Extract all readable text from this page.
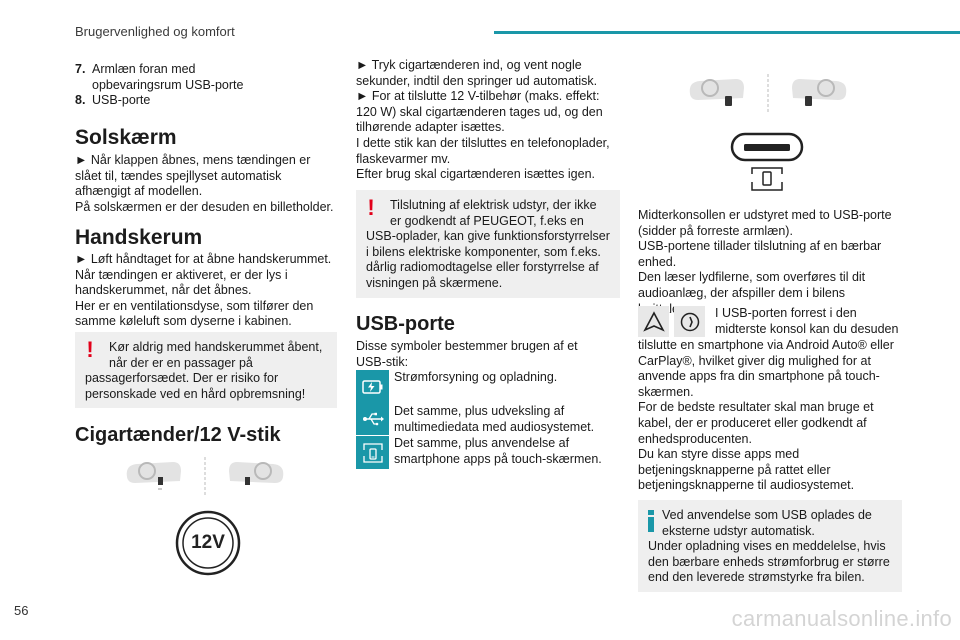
Brugervenlighed og komfort
7. Armlæn foran med opbevaringsrum USB-porte
8. USB-porte
Solskærm

► Når klappen åbnes, mens tændingen er slået til, tændes spejllyset automatisk afhængigt af modellen.

På solskærmen er der desuden en billetholder.

Handskerum

► Løft håndtaget for at åbne handskerummet.

Når tændingen er aktiveret, er der lys i handskerummet, når det åbnes.

Her er en ventilationsdyse, som tilfører den samme køleluft som dyserne i kabinen.

!	Kør aldrig med handskerummet åbent, når der er en passager på

passagerforsædet. Der er risiko for personskade ved en hård opbremsning!

Cigartænder/12 V-stik
12V

► Tryk cigartænderen ind, og vent nogle sekunder, indtil den springer ud automatisk.

► For at tilslutte 12 V-tilbehør (maks. effekt: 120 W) skal cigartænderen tages ud, og den tilhørende adapter isættes.

I dette stik kan der tilsluttes en telefonoplader, flaskevarmer mv.

Efter brug skal cigartænderen isættes igen.

!	Tilslutning af elektrisk udstyr, der ikke er godkendt af PEUGEOT, f.eks en

USB-oplader, kan give funktionsforstyrrelser i bilens elektriske komponenter, som f.eks. dårlig radiomodtagelse eller forstyrrelse af visningen på skærmene.

USB-porte

Disse symboler bestemmer brugen af et USB-stik:

Strømforsyning og opladning.
Det samme, plus udveksling af multimediedata med audiosystemet.
Det samme, plus anvendelse af smartphone apps på touch-skærmen.

Midterkonsollen er udstyret med to USB-porte (sidder på forreste armlæn).

USB-portene tillader tilslutning af en bærbar enhed.

Den læser lydfilerne, som overføres til dit audioanlæg, der afspiller dem i bilens

I USB-porten forrest i den midterste konsol kan du desuden

tilslutte en smartphone via Android Auto® eller CarPlay®, hvilket giver dig mulighed for at anvende apps fra din smartphone på touch-skærmen.

For de bedste resultater skal man bruge et kabel, der er produceret eller godkendt af enhedsproducenten.

Du kan styre disse apps med betjeningsknapperne på rattet eller betjeningsknapperne til audiosystemet.

Ved anvendelse som USB oplades de eksterne udstyr automatisk.

Under opladning vises en meddelelse, hvis den bærbare enheds strømforbrug er større end den leverede strømstyrke fra bilen.

56	carmanualsonline.info
